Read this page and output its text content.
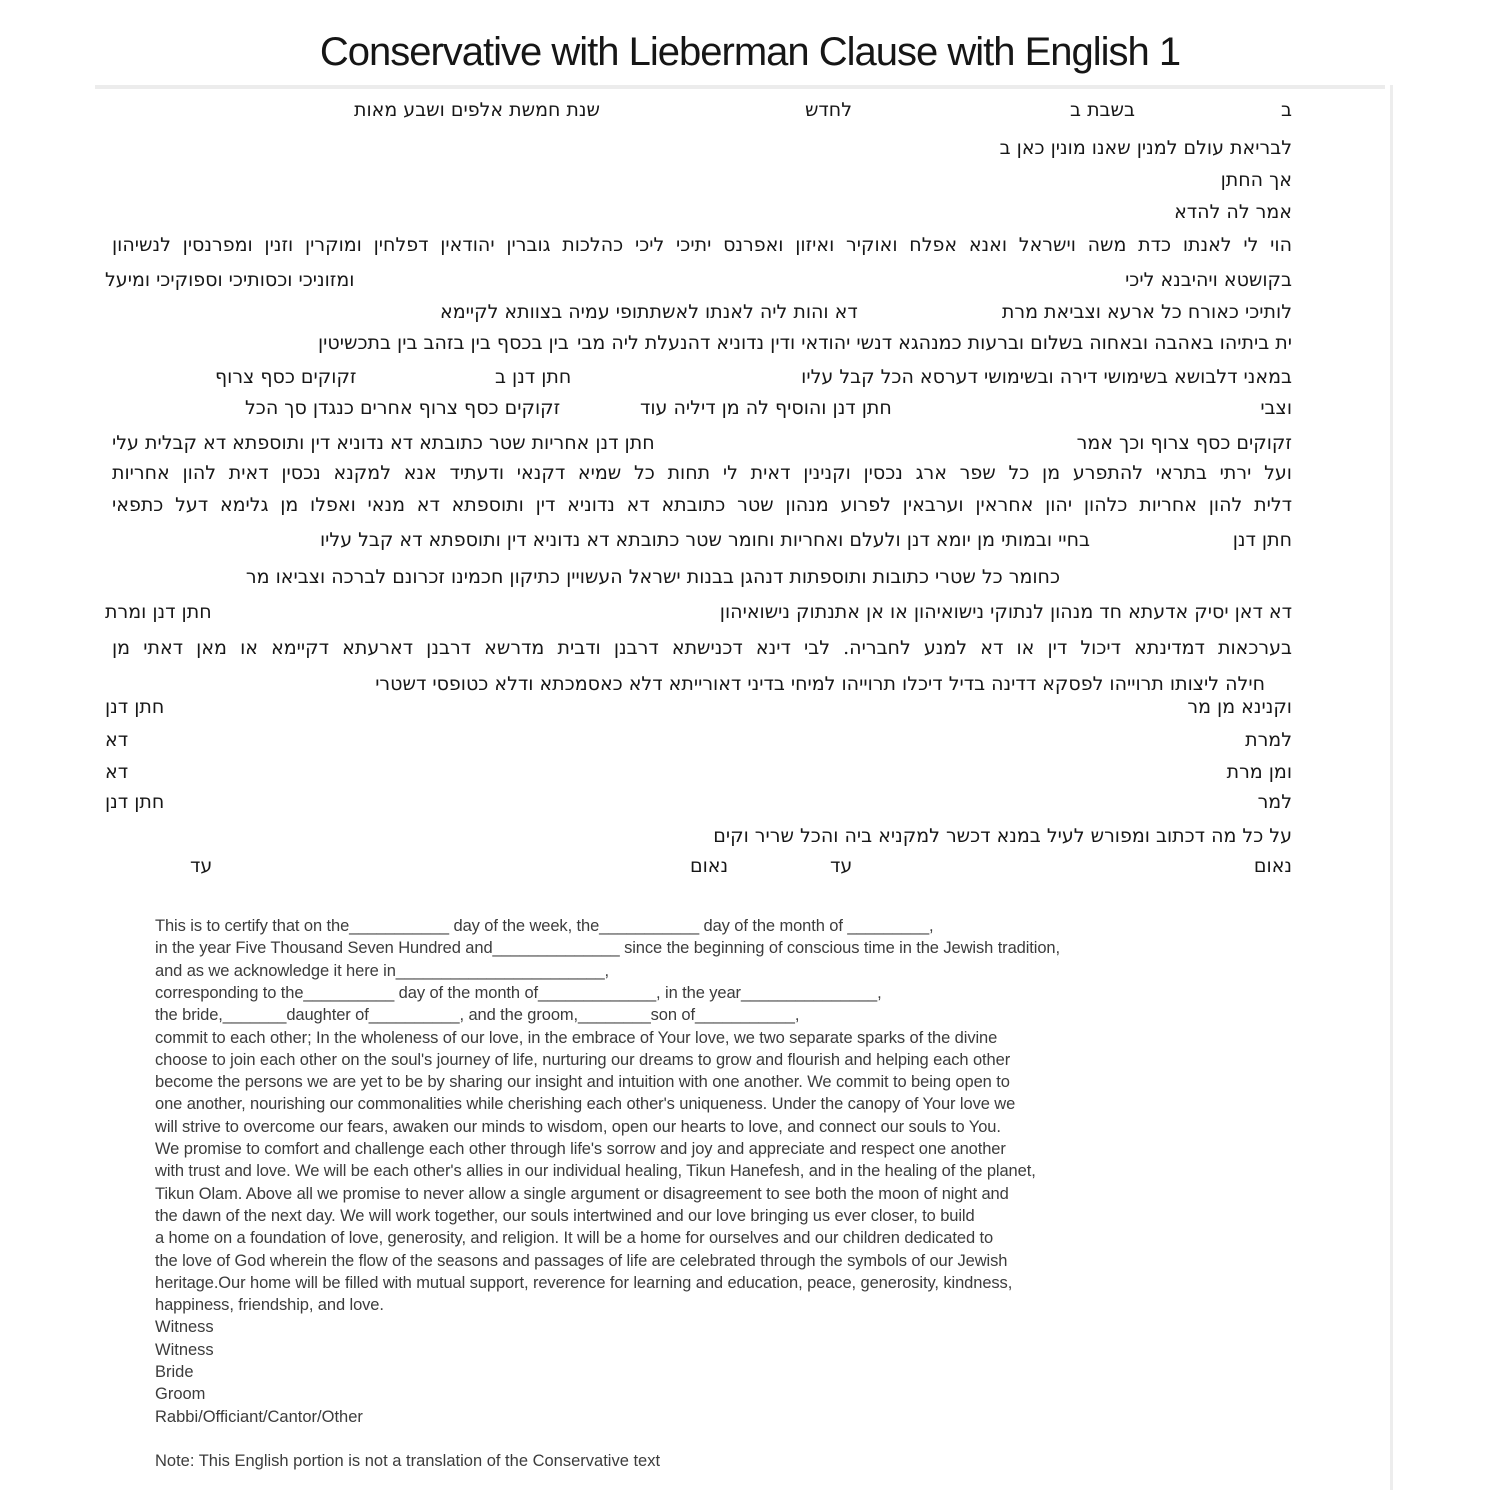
Conservative with Lieberman Clause with English 1
שנת חמשת אלפים ושבע מאות	לחדש	בשבת ב	ב
לבריאת עולם למנין שאנו מונין כאן ב
אך החתן
אמר לה להדא
הוי לי לאנתו כדת משה וישראל ואנא אפלח ואוקיר ואיזון ואפרנס יתיכי ליכי כהלכות גוברין יהודאין דפלחין ומוקרין וזנין ומפרנסין לנשיהון
ומזוניכי וכסותיכי וספוקיכי ומיעל	בקושטא ויהיבנא ליכי
דא והות ליה לאנתו לאשתתופי עמיה בצוותא לקיימא	לותיכי כאורח כל ארעא וצביאת מרת
בין בכסף בין בזהב בין בתכשיטין ית ביתיהו באהבה ובאחוה בשלום וברעות כמנהגא דנשי יהודאי ודין נדוניא דהנעלת ליה מבי
זקוקים כסף צרוף	חתן דנן ב	במאני דלבושא בשימושי דירה ובשימושי דערסא הכל קבל עליו
זקוקים כסף צרוף אחרים כנגדן סך הכל	חתן דנן והוסיף לה מן דיליה עוד	וצבי
חתן דנן אחריות שטר כתובתא דא נדוניא דין ותוספתא דא קבלית עלי	זקוקים כסף צרוף וכך אמר
ועל ירתי בתראי להתפרע מן כל שפר ארג נכסין וקנינין דאית לי תחות כל שמיא דקנאי ודעתיד אנא למקנא נכסין דאית להון אחריות
דלית להון אחריות כלהון יהון אחראין וערבאין לפרוע מנהון שטר כתובתא דא נדוניא דין ותוספתא דא מנאי ואפלו מן גלימא דעל כתפאי
בחיי ובמותי מן יומא דנן ולעלם ואחריות וחומר שטר כתובתא דא נדוניא דין ותוספתא דא קבל עליו	חתן דנן
כחומר כל שטרי כתובות ותוספתות דנהגן בבנות ישראל העשויין כתיקון חכמינו זכרונם לברכה וצביאו מר
חתן דנן ומרת	דא דאן יסיק אדעתא חד מנהון לנתוקי נישואיהון או אן אתנתוק נישואיהון
בערכאות דמדינתא דיכול דין או דא למנע לחבריה. לבי דינא דכנישתא דרבנן ודבית מדרשא דרבנן דארעתא דקיימא או מאן דאתי מן
חילה ליצותו תרוייהו לפסקא דדינה בדיל דיכלו תרוייהו למיחי בדיני דאורייתא דלא כאסמכתא ודלא כטופסי דשטרי
חתן דנן	וקנינא מן מר
דא	למרת
דא	ומן מרת
חתן דנן	למר
על כל מה דכתוב ומפורש לעיל במנא דכשר למקניא ביה והכל שריר וקים
עד	נאום	עד	נאום
This is to certify that on the___________ day of the week, the___________ day of the month of _________,
in the year Five Thousand Seven Hundred and______________ since the beginning of conscious time in the Jewish tradition,
and as we acknowledge it here in_______________________,
corresponding to the__________ day of the month of_____________, in the year_______________,
the bride,_______daughter of__________, and the groom,________son of___________,
commit to each other; In the wholeness of our love, in the embrace of Your love, we two separate sparks of the divine
choose to join each other on the soul's journey of life, nurturing our dreams to grow and flourish and helping each other
become the persons we are yet to be by sharing our insight and intuition with one another. We commit to being open to
one another, nourishing our commonalities while cherishing each other's uniqueness. Under the canopy of Your love we
will strive to overcome our fears, awaken our minds to wisdom, open our hearts to love, and connect our souls to You.
We promise to comfort and challenge each other through life's sorrow and joy and appreciate and respect one another
with trust and love. We will be each other's allies in our individual healing, Tikun Hanefesh, and in the healing of the planet,
Tikun Olam. Above all we promise to never allow a single argument or disagreement to see both the moon of night and
the dawn of the next day. We will work together, our souls intertwined and our love bringing us ever closer, to build
a home on a foundation of love, generosity, and religion. It will be a home for ourselves and our children dedicated to
the love of God wherein the flow of the seasons and passages of life are celebrated through the symbols of our Jewish
heritage.Our home will be filled with mutual support, reverence for learning and education, peace, generosity, kindness,
happiness, friendship, and love.
Witness
Witness
Bride
Groom
Rabbi/Officiant/Cantor/Other
Note: This English portion is not a translation of the Conservative text
